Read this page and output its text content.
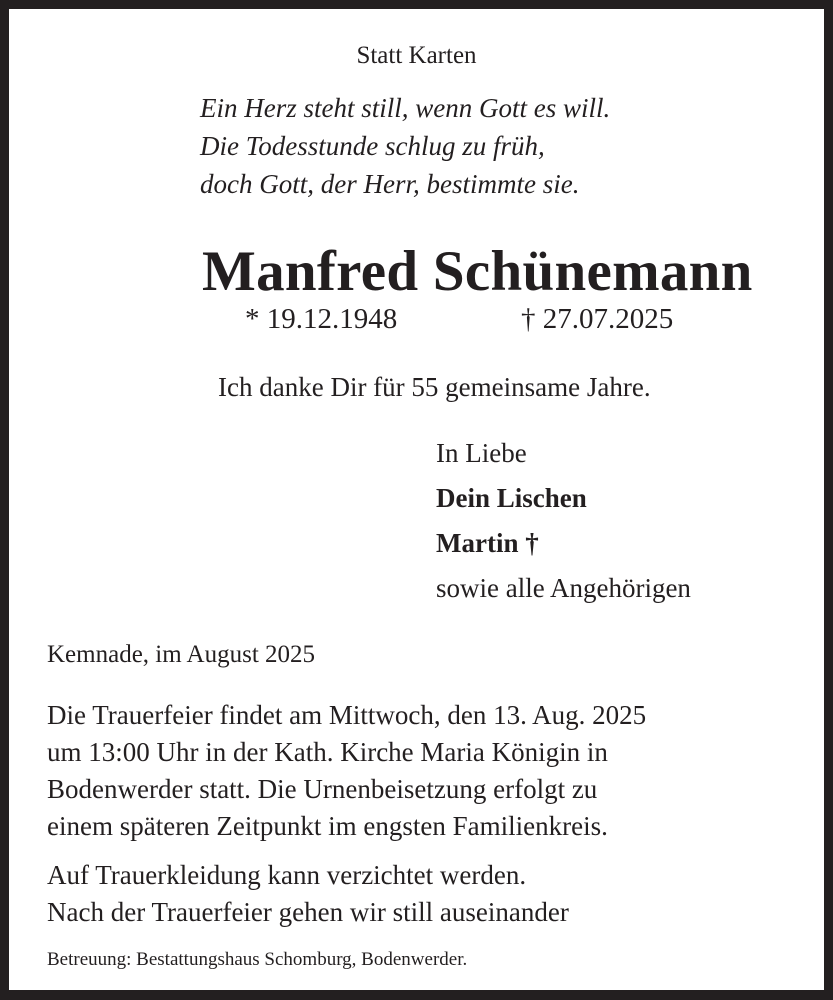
Statt Karten
Ein Herz steht still, wenn Gott es will.
Die Todesstunde schlug zu früh,
doch Gott, der Herr, bestimmte sie.
Manfred Schünemann
* 19.12.1948	† 27.07.2025
Ich danke Dir für 55 gemeinsame Jahre.
In Liebe
Dein Lischen
Martin †
sowie alle Angehörigen
Kemnade, im August 2025
Die Trauerfeier findet am Mittwoch, den 13. Aug. 2025
um 13:00 Uhr in der Kath. Kirche Maria Königin in
Bodenwerder statt. Die Urnenbeisetzung erfolgt zu
einem späteren Zeitpunkt im engsten Familienkreis.
Auf Trauerkleidung kann verzichtet werden.
Nach der Trauerfeier gehen wir still auseinander
Betreuung: Bestattungshaus Schomburg, Bodenwerder.
